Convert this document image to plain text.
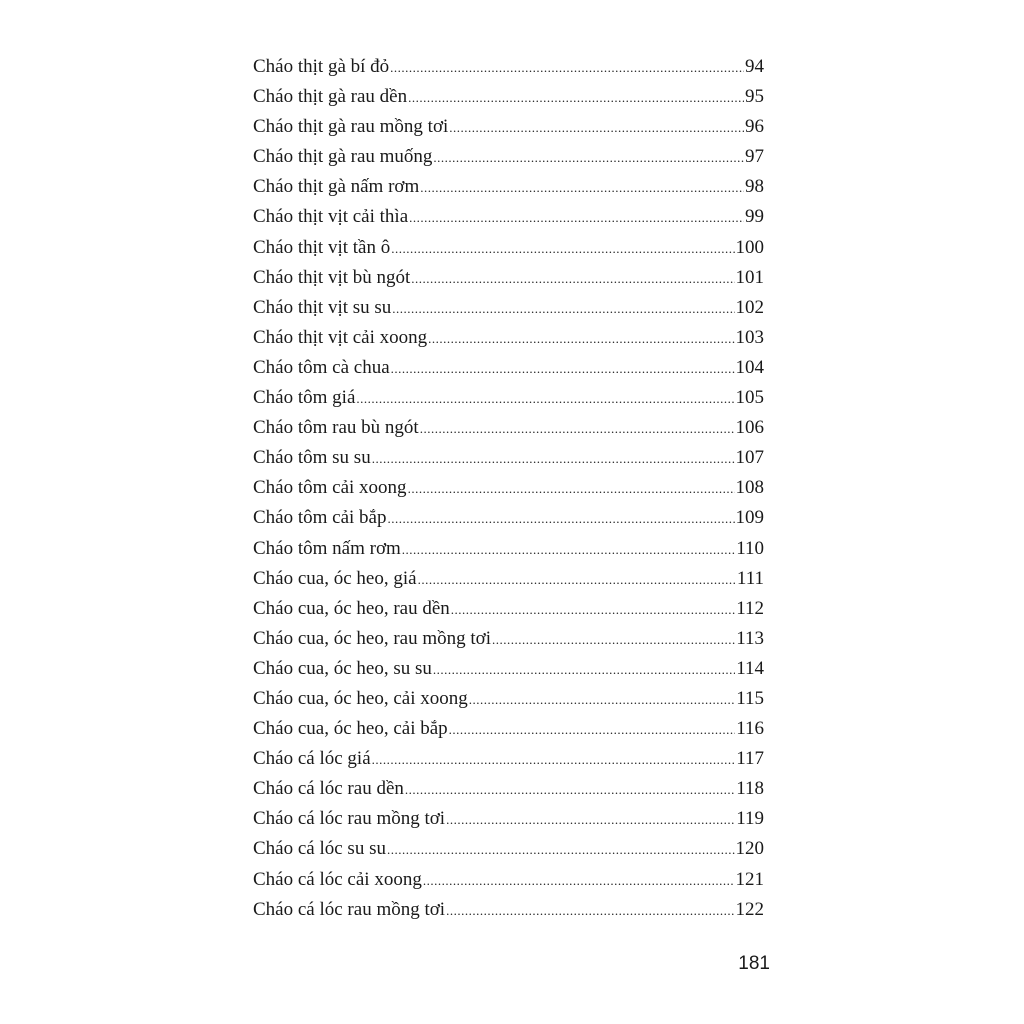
Cháo thịt gà bí đỏ .....	94
Cháo thịt gà rau dền .....	95
Cháo thịt gà rau mồng tơi .....	96
Cháo thịt gà rau muống .....	97
Cháo thịt gà nấm rơm .....	98
Cháo thịt vịt cải thìa .....	99
Cháo thịt vịt tần ô .....	100
Cháo thịt vịt bù ngót .....	101
Cháo thịt vịt su su .....	102
Cháo thịt vịt cải xoong .....	103
Cháo tôm cà chua .....	104
Cháo tôm giá .....	105
Cháo tôm rau bù ngót .....	106
Cháo tôm su su .....	107
Cháo tôm cải xoong .....	108
Cháo tôm cải bắp .....	109
Cháo tôm nấm rơm .....	110
Cháo cua, óc heo, giá .....	111
Cháo cua, óc heo, rau dền .....	112
Cháo cua, óc heo, rau mồng tơi .....	113
Cháo cua, óc heo, su su .....	114
Cháo cua, óc heo, cải xoong .....	115
Cháo cua, óc heo, cải bắp .....	116
Cháo cá lóc giá .....	117
Cháo cá lóc rau dền .....	118
Cháo cá lóc rau mồng tơi .....	119
Cháo cá lóc su su .....	120
Cháo cá lóc cải xoong .....	121
Cháo cá lóc rau mồng tơi .....	122
181
